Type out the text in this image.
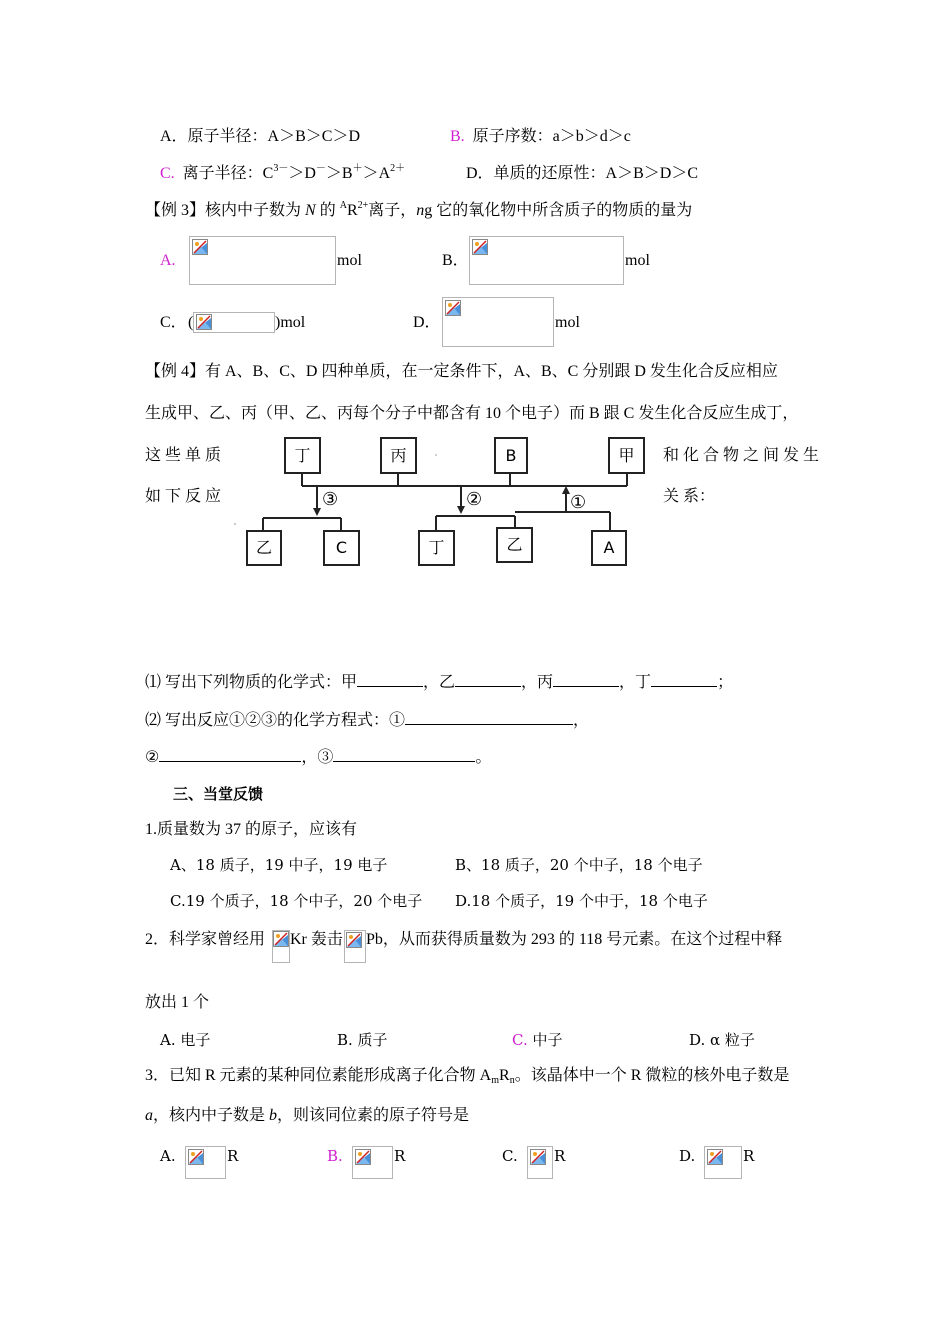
A．原子半径：A＞B＞C＞D	B. 原子序数：a＞b＞d＞c
C. 离子半径：$C^{3-}>D^->B^+>A^{2+}$	D．单质的还原性：A＞B＞D＞C
【例 3】核内中子数为 N 的 $^AR^{2+}$离子，ng 它的氧化物中所含质子的物质的量为
A.	mol	B．	mol
C． (	)mol	D．	mol
【例 4】有 A、B、C、D 四种单质，在一定条件下，A、B、C 分别跟 D 发生化合反应相应
生成甲、乙、丙（甲、乙、丙每个分子中都含有 10 个电子）而 B 跟 C 发生化合反应生成丁，
这 些 单 质
如 下 反 应
和 化 合 物 之 间 发 生
关 系：
丁	丙	B	甲
乙	C	丁	乙	A
③	②	①
⑴ 写出下列物质的化学式：甲	，乙	，丙	，丁	；
⑵ 写出反应①②③的化学方程式：①	，
②	，③	。
三、当堂反馈
1.质量数为 37 的原子，应该有
A、18 质子，19 中子，19 电子	B、18 质子，20 个中子，18 个电子
C.19 个质子，18 个中子，20 个电子 D.18 个质子，19 个中于，18 个电子
2．科学家曾经用 Kr 轰击 Pb，从而获得质量数为 293 的 118 号元素。在这个过程中释
放出 1 个
A. 电子	B. 质子	C. 中子	D. α 粒子
3．已知 R 元素的某种同位素能形成离子化合物 AmRn。该晶体中一个 R 微粒的核外电子数是
a，核内中子数是 b，则该同位素的原子符号是
A.	R	B.	R	C. R	D.	R
